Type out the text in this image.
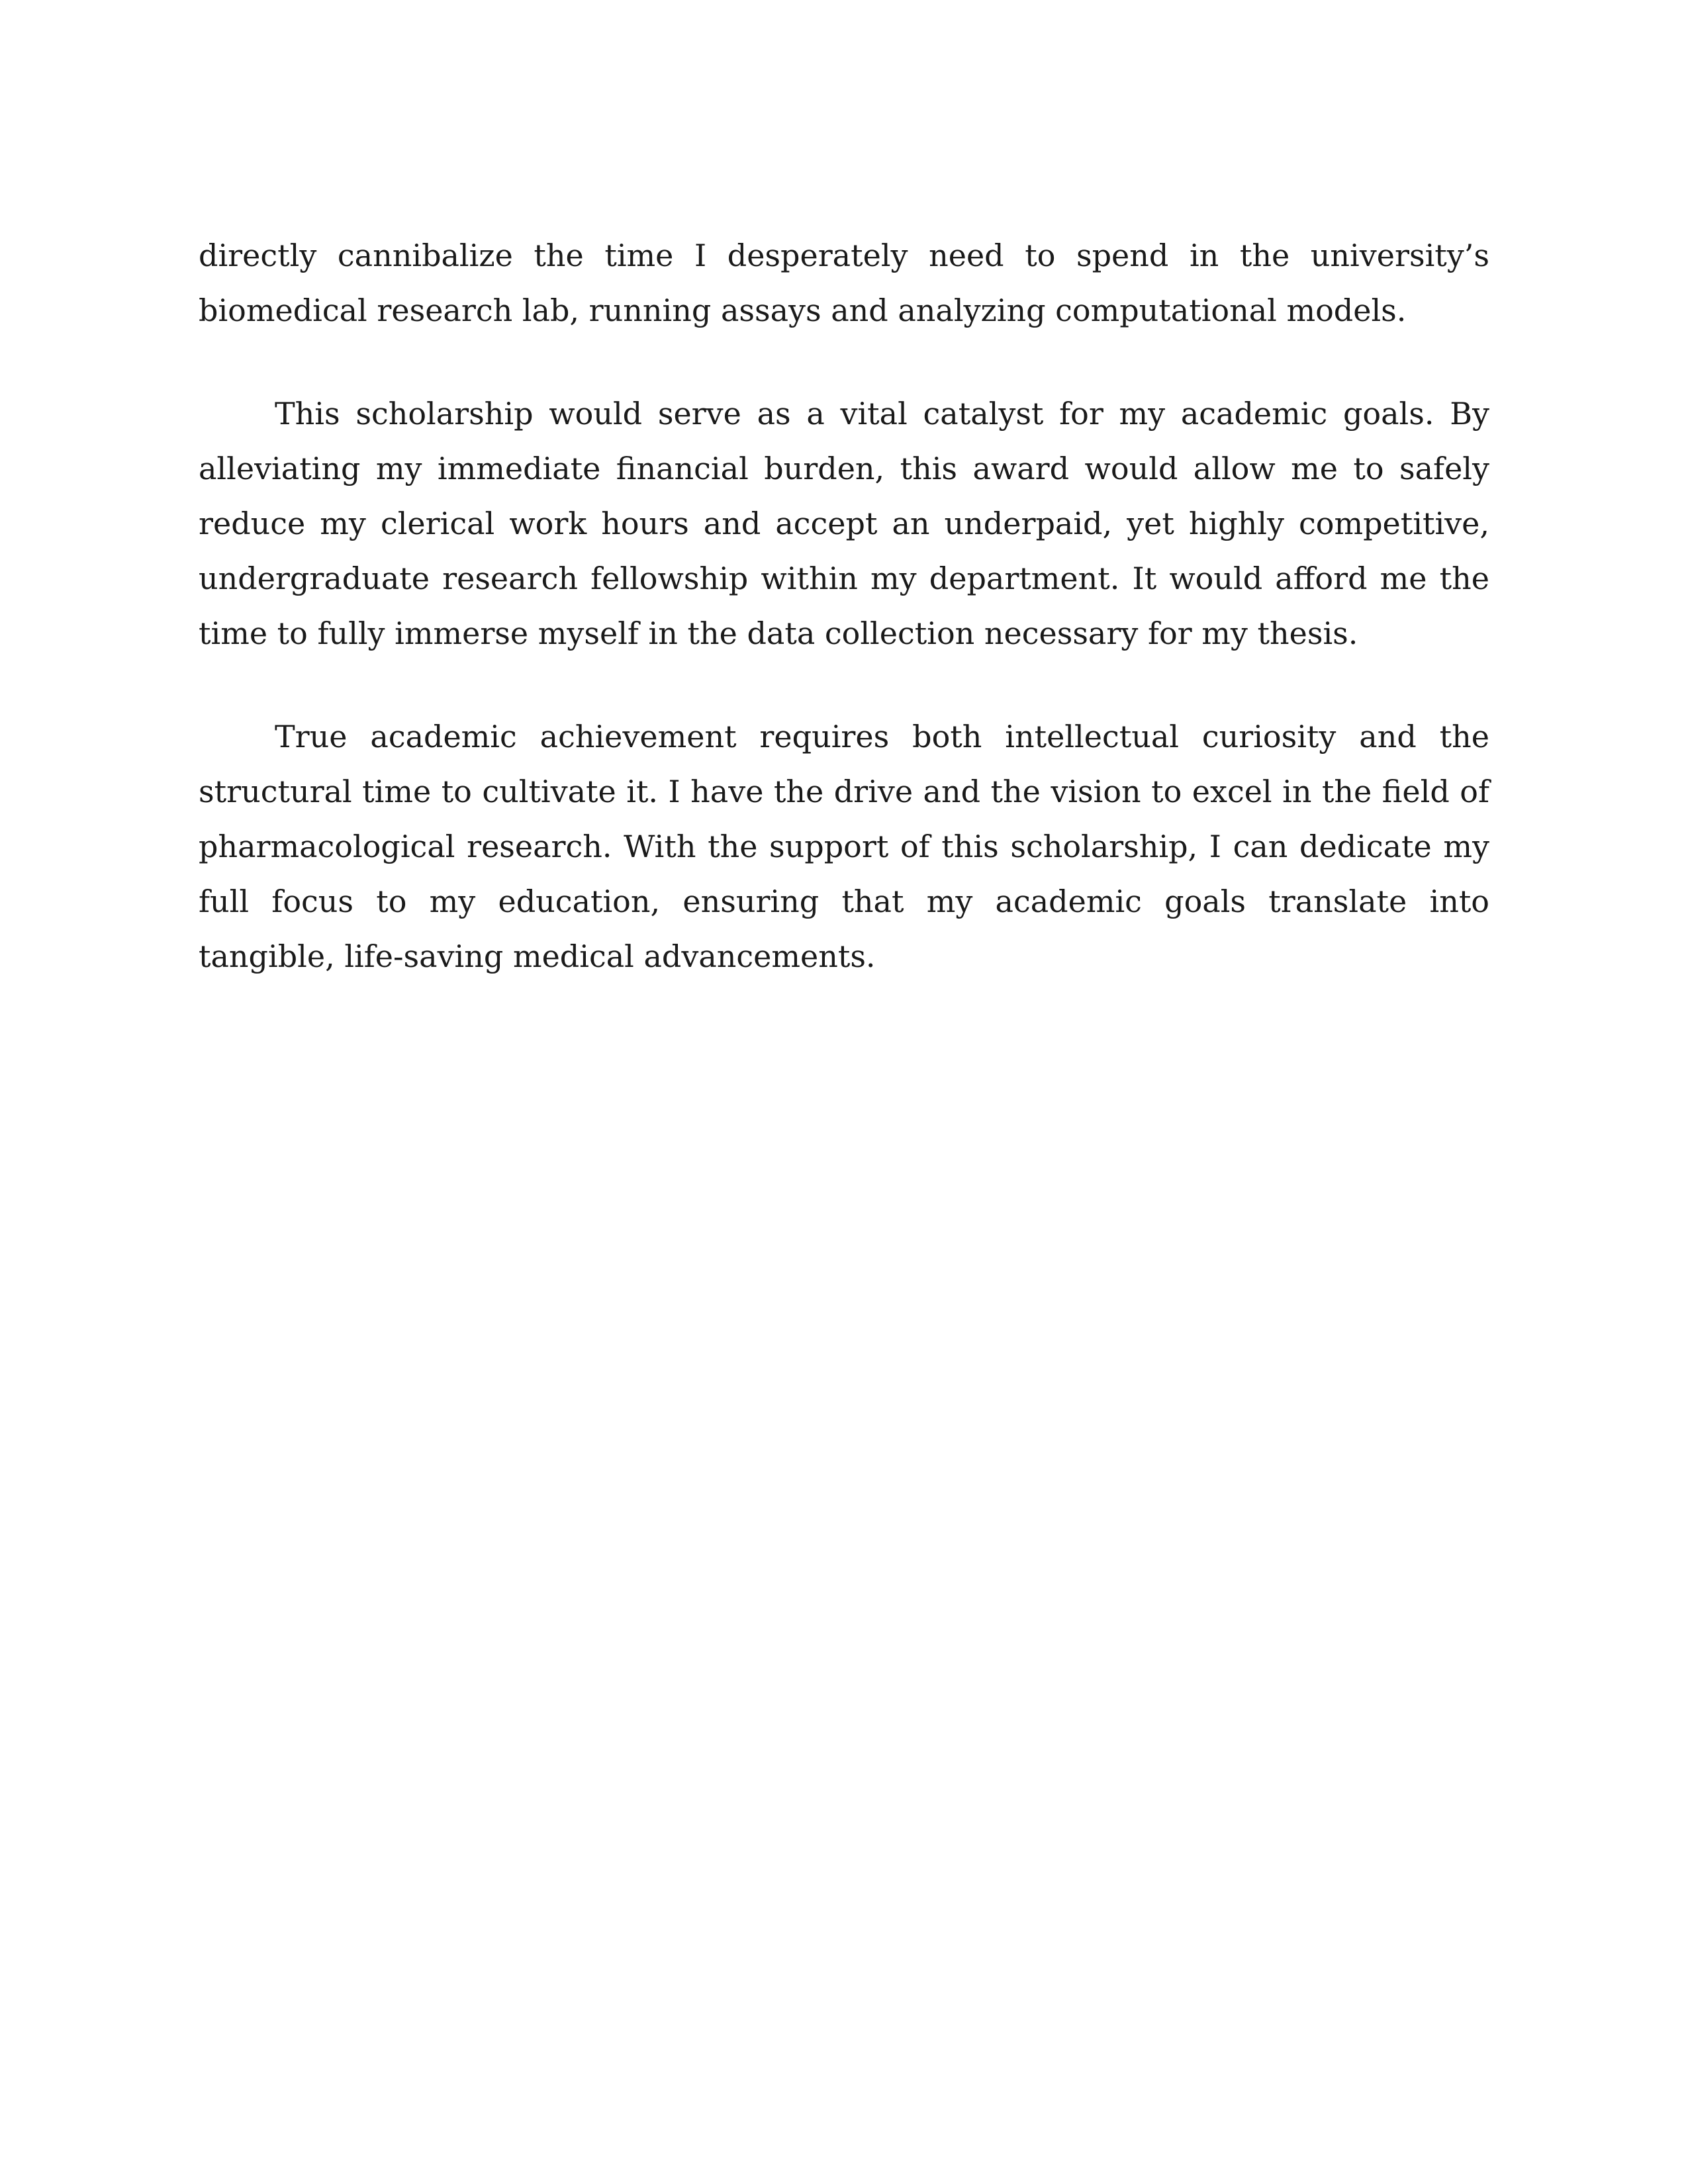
directly cannibalize the time I desperately need to spend in the university’s biomedical research lab, running assays and analyzing computational models.

This scholarship would serve as a vital catalyst for my academic goals. By alleviating my immediate financial burden, this award would allow me to safely reduce my clerical work hours and accept an underpaid, yet highly competitive, undergraduate research fellowship within my department. It would afford me the time to fully immerse myself in the data collection necessary for my thesis.

True academic achievement requires both intellectual curiosity and the structural time to cultivate it. I have the drive and the vision to excel in the field of pharmacological research. With the support of this scholarship, I can dedicate my full focus to my education, ensuring that my academic goals translate into tangible, life-saving medical advancements.
